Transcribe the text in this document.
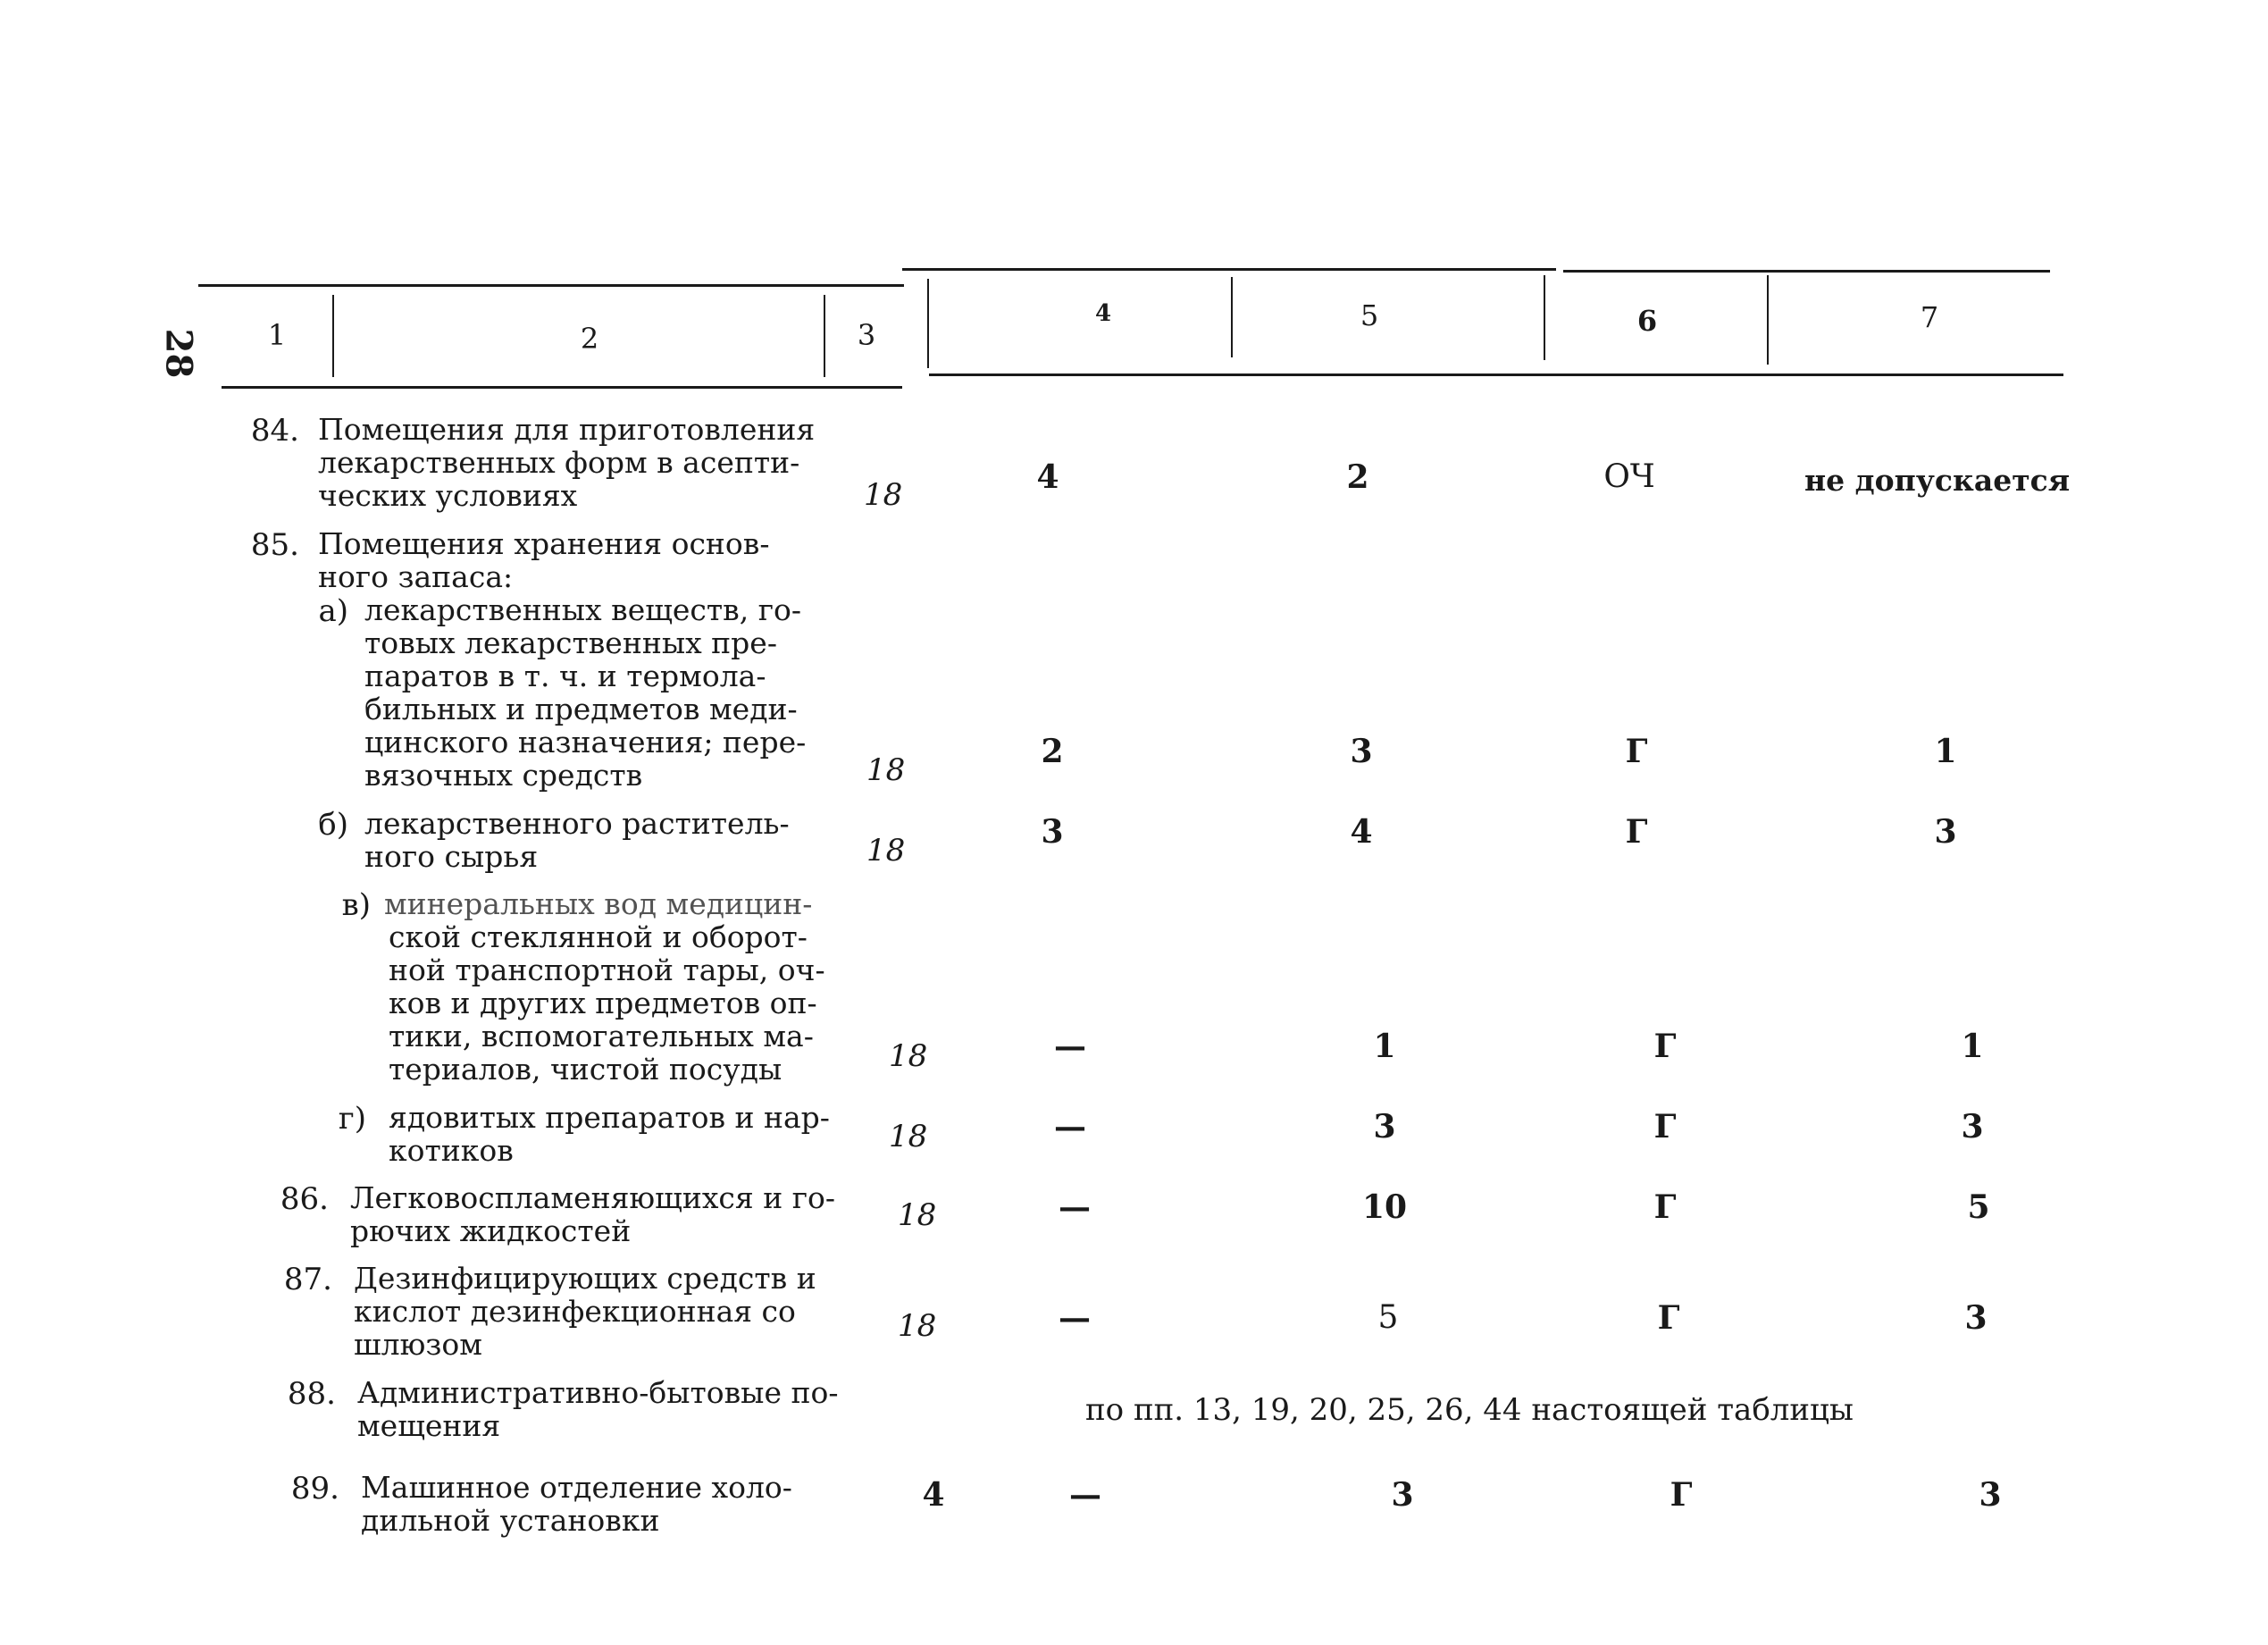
28	1	2	3
4	5	6	7
84. Помещения для приготовления
лекарственных форм в асепти-
ческих условиях	18	4	2	ОЧ	не допускается
85. Помещения хранения основ-
ного запаса:
а) лекарственных веществ, го-
товых лекарственных пре-
паратов в т. ч. и термола-
бильных и предметов меди-
цинского назначения; пере-
вязочных средств	18	2	3	Г	1
б) лекарственного раститель-
ного сырья	18	3	4	Г	3
в) минеральных вод медицин-
ской стеклянной и оборот-
ной транспортной тары, оч-
ков и других предметов оп-
тики, вспомогательных ма-
териалов, чистой посуды	18	—	1	Г	1
г) ядовитых препаратов и нар-
котиков	18	—	3	Г	3
86. Легковоспламеняющихся и го-
рючих жидкостей	18	—	10	Г	5
87. Дезинфицирующих средств и
кислот дезинфекционная со
шлюзом
18	—	5	Г	3
88. Административно-бытовые по-
мещения	по пп. 13, 19, 20, 25, 26, 44 настоящей таблицы
89. Машинное отделение холо-
дильной установки
4	—	3	Г	3
